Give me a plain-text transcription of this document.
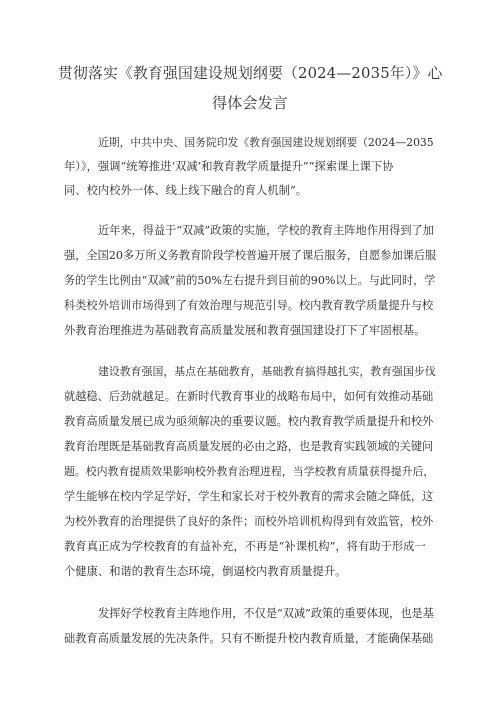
贯彻落实《教育强国建设规划纲要（2024—2035年）》心
得体会发言
近期，中共中央、国务院印发《教育强国建设规划纲要（2024—2035
年）》，强调“统筹推进‘双减’和教育教学质量提升”“探索课上课下协
同、校内校外一体、线上线下融合的育人机制”。
近年来，得益于“双减”政策的实施，学校的教育主阵地作用得到了加
强，全国20多万所义务教育阶段学校普遍开展了课后服务，自愿参加课后服
务的学生比例由“双减”前的50%左右提升到目前的90%以上。与此同时，学
科类校外培训市场得到了有效治理与规范引导。校内教育教学质量提升与校
外教育治理推进为基础教育高质量发展和教育强国建设打下了牢固根基。
建设教育强国，基点在基础教育，基础教育搞得越扎实，教育强国步伐
就越稳、后劲就越足。在新时代教育事业的战略布局中，如何有效推动基础
教育高质量发展已成为亟须解决的重要议题。校内教育教学质量提升和校外
教育治理既是基础教育高质量发展的必由之路，也是教育实践领域的关键问
题。校内教育提质效果影响校外教育治理进程，当学校教育质量获得提升后，
学生能够在校内学足学好，学生和家长对于校外教育的需求会随之降低，这
为校外教育的治理提供了良好的条件；而校外培训机构得到有效监管，校外
教育真正成为学校教育的有益补充，不再是“补课机构”，将有助于形成一
个健康、和谐的教育生态环境，倒逼校内教育质量提升。
发挥好学校教育主阵地作用，不仅是“双减”政策的重要体现，也是基
础教育高质量发展的先决条件。只有不断提升校内教育质量，才能确保基础
